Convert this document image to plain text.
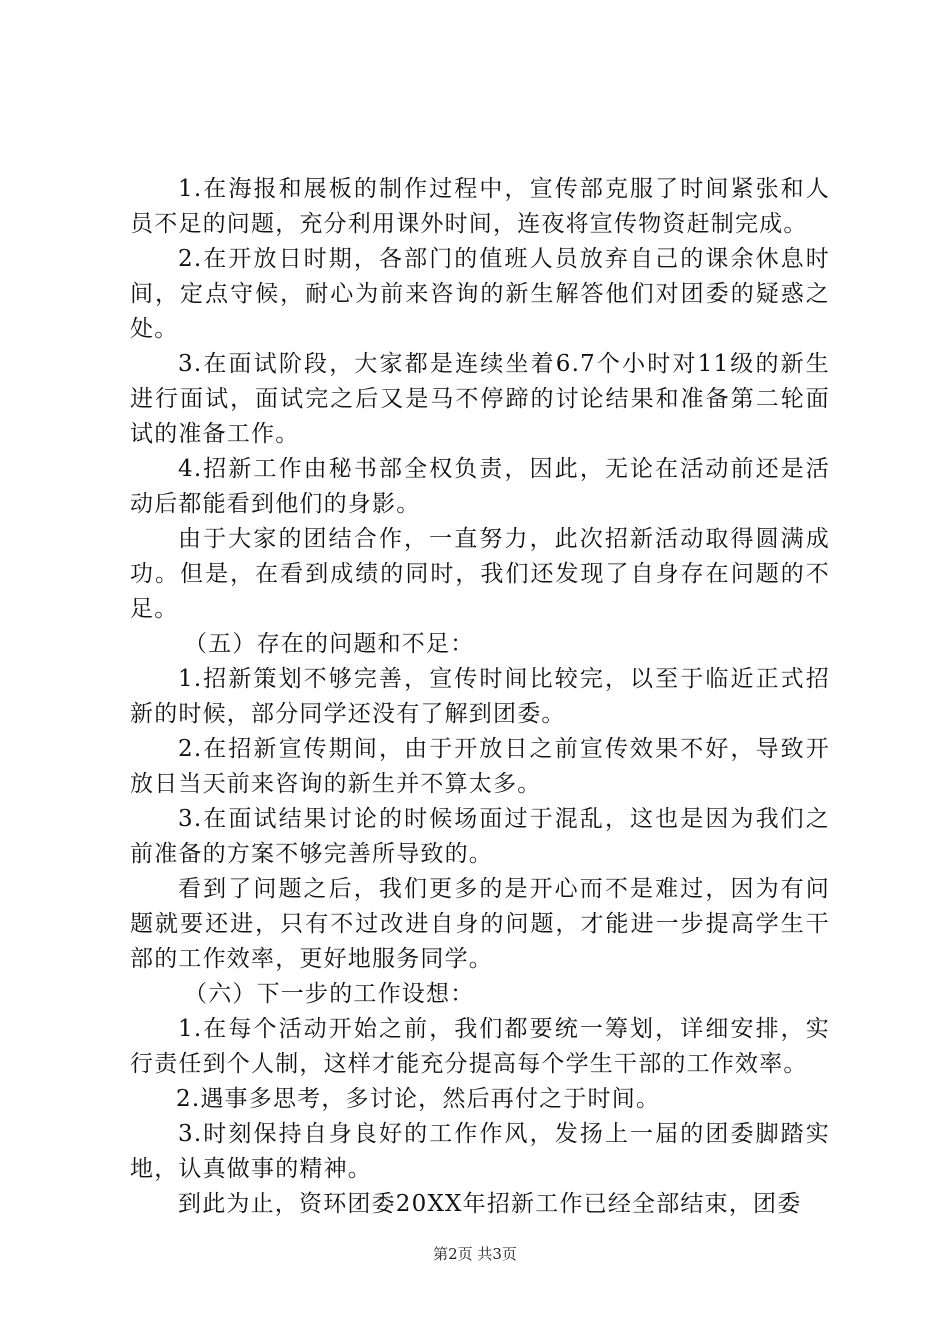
1.在海报和展板的制作过程中，宣传部克服了时间紧张和人员不足的问题，充分利用课外时间，连夜将宣传物资赶制完成。

2.在开放日时期，各部门的值班人员放弃自己的课余休息时间，定点守候，耐心为前来咨询的新生解答他们对团委的疑惑之处。

3.在面试阶段，大家都是连续坐着6.7个小时对11级的新生进行面试，面试完之后又是马不停蹄的讨论结果和准备第二轮面试的准备工作。

4.招新工作由秘书部全权负责，因此，无论在活动前还是活动后都能看到他们的身影。

由于大家的团结合作，一直努力，此次招新活动取得圆满成功。但是，在看到成绩的同时，我们还发现了自身存在问题的不足。

（五）存在的问题和不足：

1.招新策划不够完善，宣传时间比较完，以至于临近正式招新的时候，部分同学还没有了解到团委。

2.在招新宣传期间，由于开放日之前宣传效果不好，导致开放日当天前来咨询的新生并不算太多。

3.在面试结果讨论的时候场面过于混乱，这也是因为我们之前准备的方案不够完善所导致的。

看到了问题之后，我们更多的是开心而不是难过，因为有问题就要还进，只有不过改进自身的问题，才能进一步提高学生干部的工作效率，更好地服务同学。

（六）下一步的工作设想：

1.在每个活动开始之前，我们都要统一筹划，详细安排，实行责任到个人制，这样才能充分提高每个学生干部的工作效率。

2.遇事多思考，多讨论，然后再付之于时间。

3.时刻保持自身良好的工作作风，发扬上一届的团委脚踏实地，认真做事的精神。

到此为止，资环团委20XX年招新工作已经全部结束，团委

第2页 共3页
